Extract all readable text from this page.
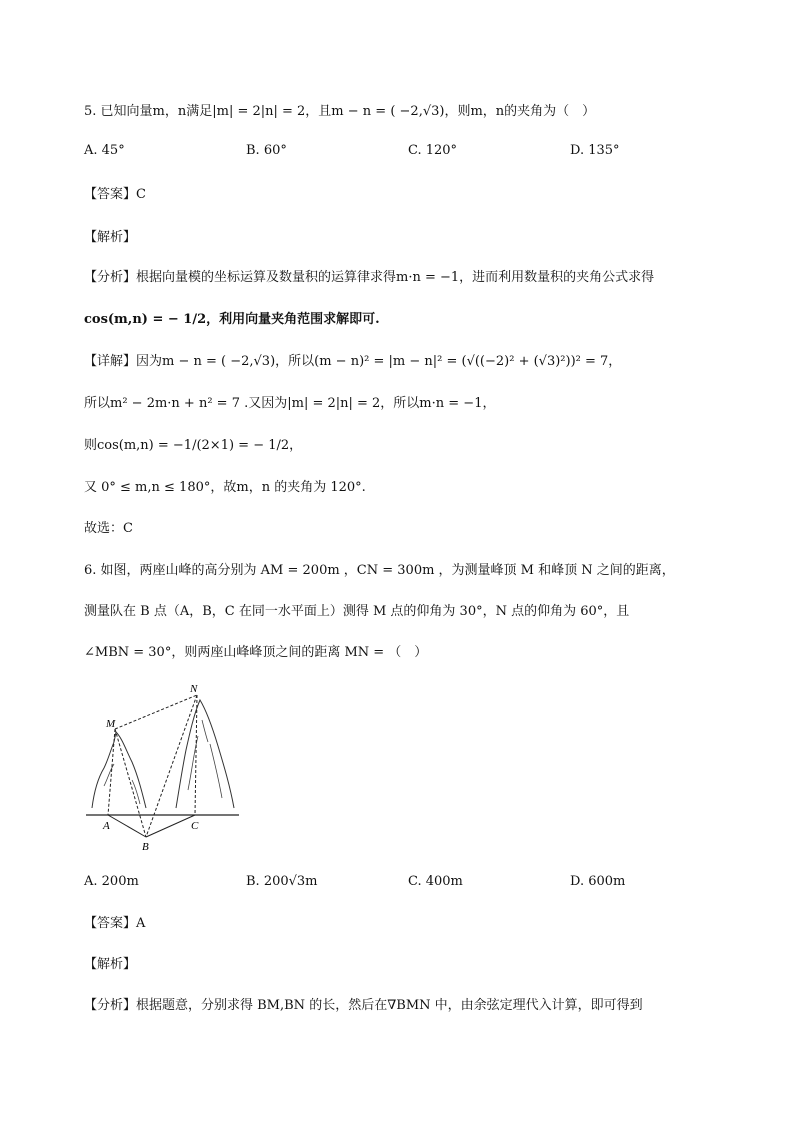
5. 已知向量m，n满足|m| = 2|n| = 2，且m − n = ( −2,√3)，则m，n的夹角为（　）
A. 45°	B. 60°	C. 120°	D. 135°
【答案】C
【解析】
【分析】根据向量模的坐标运算及数量积的运算律求得m·n = −1，进而利用数量积的夹角公式求得
cos(m,n) = − 1/2，利用向量夹角范围求解即可.
【详解】因为m − n = ( −2,√3)，所以(m − n)² = |m − n|² = (√((−2)² + (√3)²))² = 7，
所以m² − 2m·n + n² = 7 .又因为|m| = 2|n| = 2，所以m·n = −1，
则cos(m,n) = −1/(2×1) = − 1/2，
又 0° ≤ m,n ≤ 180°，故m，n 的夹角为 120°.
故选：C
6. 如图，两座山峰的高分别为 AM = 200m ，CN = 300m ，为测量峰顶 M 和峰顶 N 之间的距离，
测量队在 B 点（A，B，C 在同一水平面上）测得 M 点的仰角为 30°，N 点的仰角为 60°，且
∠MBN = 30°，则两座山峰峰顶之间的距离 MN = （　）
M
N
A
B
C
A. 200m	B. 200√3m	C. 400m	D. 600m
【答案】A
【解析】
【分析】根据题意，分别求得 BM,BN 的长，然后在∇BMN 中，由余弦定理代入计算，即可得到
